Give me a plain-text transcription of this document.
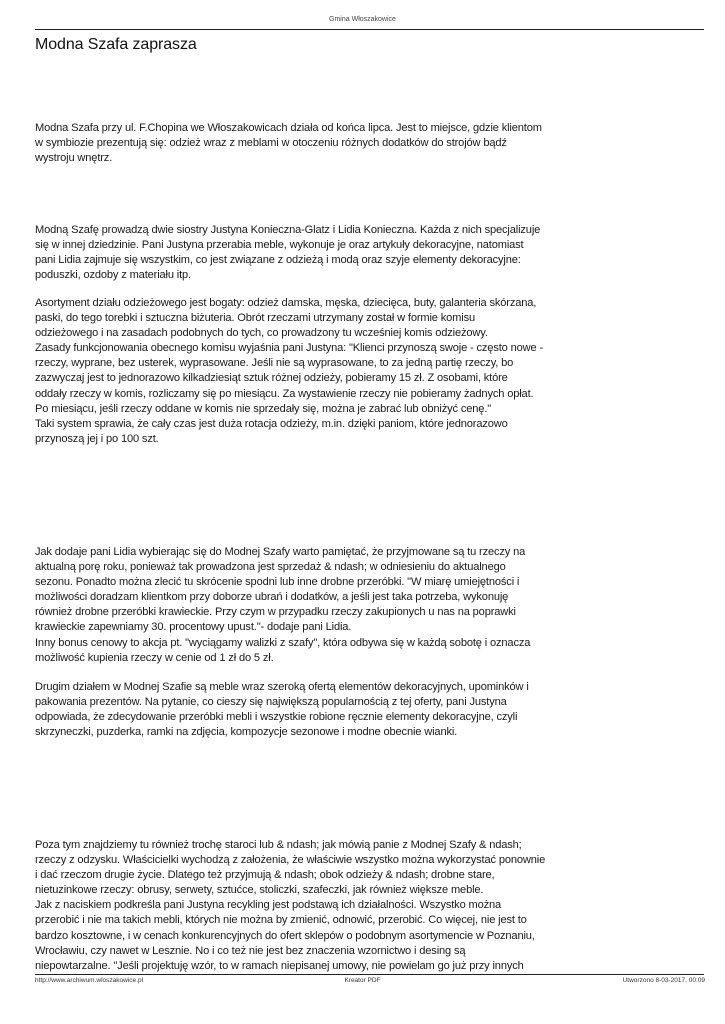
Gmina Włoszakowice
Modna Szafa zaprasza
Modna Szafa przy ul. F.Chopina we Włoszakowicach działa od końca lipca. Jest to miejsce, gdzie klientom
w symbiozie prezentują się: odzież wraz z meblami w otoczeniu różnych dodatków do strojów bądź
wystroju wnętrz.
Modną Szafę prowadzą dwie siostry Justyna Konieczna-Glatz i Lidia Konieczna. Każda z nich specjalizuje
się w innej dziedzinie. Pani Justyna przerabia meble, wykonuje je oraz artykuły dekoracyjne, natomiast
pani Lidia zajmuje się wszystkim, co jest związane z odzieżą i modą oraz szyje elementy dekoracyjne:
poduszki, ozdoby z materiału itp.
Asortyment działu odzieżowego jest bogaty: odzież damska, męska, dziecięca, buty, galanteria skórzana,
paski, do tego torebki i sztuczna biżuteria. Obrót rzeczami utrzymany został w formie komisu
odzieżowego i na zasadach podobnych do tych, co prowadzony tu wcześniej komis odzieżowy.
Zasady funkcjonowania obecnego komisu wyjaśnia pani Justyna: "Klienci przynoszą swoje - często nowe -
rzeczy, wyprane, bez usterek, wyprasowane. Jeśli nie są wyprasowane, to za jedną partię rzeczy, bo
zazwyczaj jest to jednorazowo kilkadziesiąt sztuk różnej odzieży, pobieramy 15 zł. Z osobami, które
oddały rzeczy w komis, rozliczamy się po miesiącu. Za wystawienie rzeczy nie pobieramy żadnych opłat.
Po miesiącu, jeśli rzeczy oddane w komis nie sprzedały się, można je zabrać lub obniżyć cenę."
Taki system sprawia, że cały czas jest duża rotacja odzieży, m.in. dzięki paniom, które jednorazowo
przynoszą jej i po 100 szt.
Jak dodaje pani Lidia wybierając się do Modnej Szafy warto pamiętać, że przyjmowane są tu rzeczy na
aktualną porę roku, ponieważ tak prowadzona jest sprzedaż & ndash; w odniesieniu do aktualnego
sezonu. Ponadto można zlecić tu skrócenie spodni lub inne drobne przeróbki. "W miarę umiejętności i
możliwości doradzam klientkom przy doborze ubrań i dodatków, a jeśli jest taka potrzeba, wykonuję
również drobne przeróbki krawieckie. Przy czym w przypadku rzeczy zakupionych u nas na poprawki
krawieckie zapewniamy 30. procentowy upust."- dodaje pani Lidia.
Inny bonus cenowy to akcja pt. "wyciągamy walizki z szafy", która odbywa się w każdą sobotę i oznacza
możliwość kupienia rzeczy w cenie od 1 zł do 5 zł.
Drugim działem w Modnej Szafie są meble wraz szeroką ofertą elementów dekoracyjnych, upominków i
pakowania prezentów. Na pytanie, co cieszy się największą popularnością z tej oferty, pani Justyna
odpowiada, że zdecydowanie przeróbki mebli i wszystkie robione ręcznie elementy dekoracyjne, czyli
skrzyneczki, puzderka, ramki na zdjęcia, kompozycje sezonowe i modne obecnie wianki.
Poza tym znajdziemy tu również trochę staroci lub & ndash; jak mówią panie z Modnej Szafy & ndash;
rzeczy z odzysku. Właścicielki wychodzą z założenia, że właściwie wszystko można wykorzystać ponownie
i dać rzeczom drugie życie. Dlatego też przyjmują & ndash; obok odzieży & ndash; drobne stare,
nietuzinkowe rzeczy: obrusy, serwety, sztućce, stoliczki, szafeczki, jak również większe meble.
Jak z naciskiem podkreśla pani Justyna recykling jest podstawą ich działalności. Wszystko można
przerobić i nie ma takich mebli, których nie można by zmienić, odnowić, przerobić. Co więcej, nie jest to
bardzo kosztowne, i w cenach konkurencyjnych do ofert sklepów o podobnym asortymencie w Poznaniu,
Wrocławiu, czy nawet w Lesznie. No i co też nie jest bez znaczenia wzornictwo i desing są
niepowtarzalne. "Jeśli projektuję wzór, to w ramach niepisanej umowy, nie powielam go już przy innych
http://www.archiwum.wloszakowice.pl	Kreator PDF	Utworzono 8-03-2017, 00:09
